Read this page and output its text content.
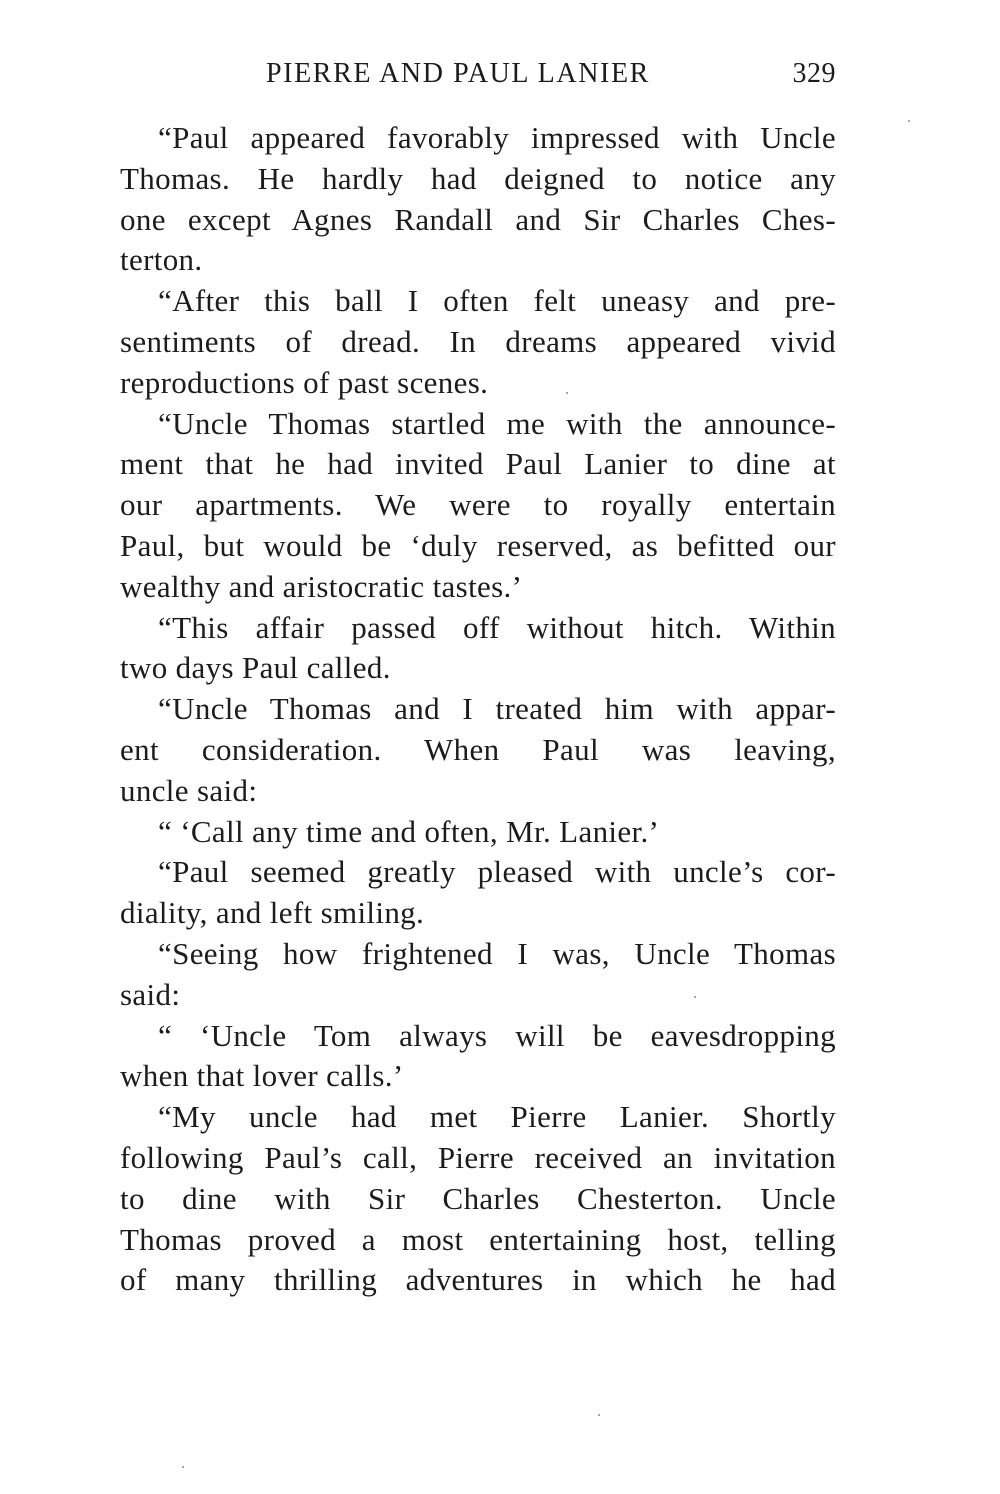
PIERRE AND PAUL LANIER	329
“Paul appeared favorably impressed with Uncle
Thomas. He hardly had deigned to notice any
one except Agnes Randall and Sir Charles Ches-
terton.
“After this ball I often felt uneasy and pre-
sentiments of dread. In dreams appeared vivid
reproductions of past scenes.
“Uncle Thomas startled me with the announce-
ment that he had invited Paul Lanier to dine at
our apartments. We were to royally entertain
Paul, but would be ‘duly reserved, as befitted our
wealthy and aristocratic tastes.’
“This affair passed off without hitch. Within
two days Paul called.
“Uncle Thomas and I treated him with appar-
ent consideration. When Paul was leaving,
uncle said:
“ ‘Call any time and often, Mr. Lanier.’
“Paul seemed greatly pleased with uncle’s cor-
diality, and left smiling.
“Seeing how frightened I was, Uncle Thomas
said:
“ ‘Uncle Tom always will be eavesdropping
when that lover calls.’
“My uncle had met Pierre Lanier. Shortly
following Paul’s call, Pierre received an invitation
to dine with Sir Charles Chesterton. Uncle
Thomas proved a most entertaining host, telling
of many thrilling adventures in which he had
